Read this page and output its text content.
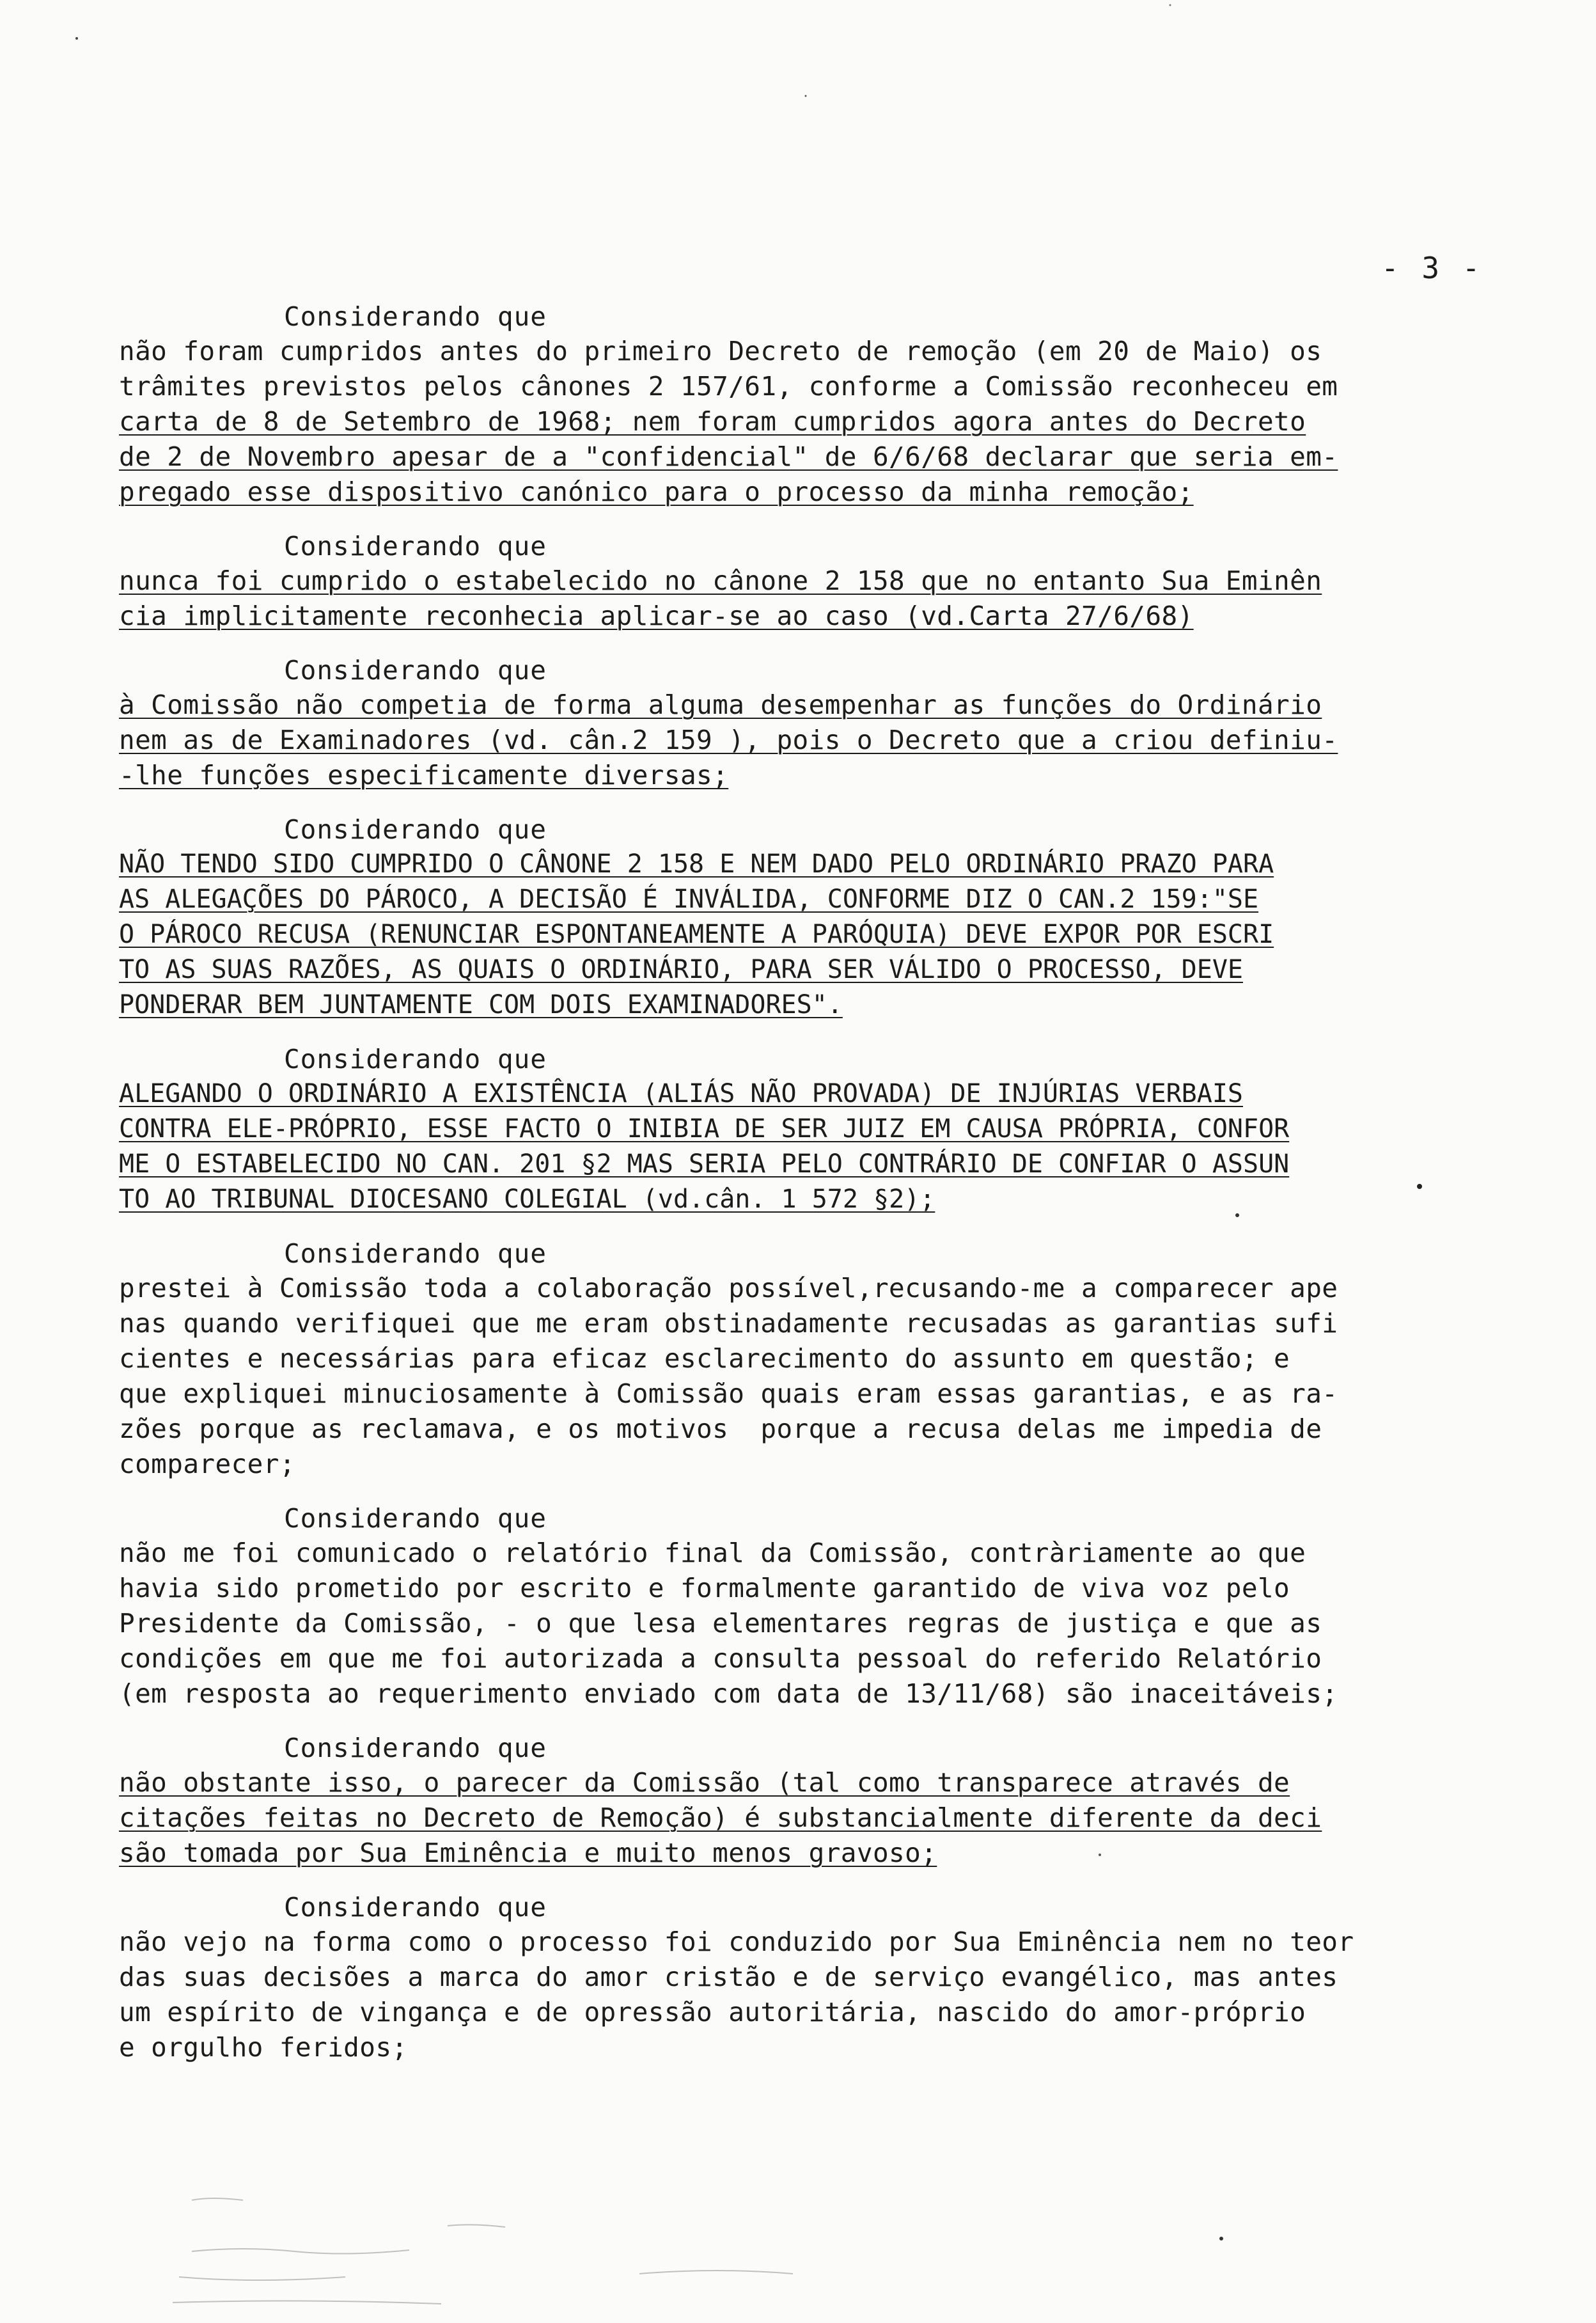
- 3 -
Considerando que
não foram cumpridos antes do primeiro Decreto de remoção (em 20 de Maio) os
trâmites previstos pelos cânones 2 157/61, conforme a Comissão reconheceu em
carta de 8 de Setembro de 1968; nem foram cumpridos agora antes do Decreto
de 2 de Novembro apesar de a "confidencial" de 6/6/68 declarar que seria em-
pregado esse dispositivo canónico para o processo da minha remoção;
Considerando que
nunca foi cumprido o estabelecido no cânone 2 158 que no entanto Sua Eminên
cia implicitamente reconhecia aplicar-se ao caso (vd.Carta 27/6/68)
Considerando que
à Comissão não competia de forma alguma desempenhar as funções do Ordinário
nem as de Examinadores (vd. cân.2 159 ), pois o Decreto que a criou definiu-
-lhe funções especificamente diversas;
Considerando que
NÃO TENDO SIDO CUMPRIDO O CÂNONE 2 158 E NEM DADO PELO ORDINÁRIO PRAZO PARA
AS ALEGAÇÕES DO PÁROCO, A DECISÃO É INVÁLIDA, CONFORME DIZ O CAN.2 159:"SE
O PÁROCO RECUSA (RENUNCIAR ESPONTANEAMENTE A PARÓQUIA) DEVE EXPOR POR ESCRI
TO AS SUAS RAZÕES, AS QUAIS O ORDINÁRIO, PARA SER VÁLIDO O PROCESSO, DEVE
PONDERAR BEM JUNTAMENTE COM DOIS EXAMINADORES".
Considerando que
ALEGANDO O ORDINÁRIO A EXISTÊNCIA (ALIÁS NÃO PROVADA) DE INJÚRIAS VERBAIS
CONTRA ELE-PRÓPRIO, ESSE FACTO O INIBIA DE SER JUIZ EM CAUSA PRÓPRIA, CONFOR
ME O ESTABELECIDO NO CAN. 201 §2 MAS SERIA PELO CONTRÁRIO DE CONFIAR O ASSUN
TO AO TRIBUNAL DIOCESANO COLEGIAL (vd.cân. 1 572 §2);
Considerando que
prestei à Comissão toda a colaboração possível,recusando-me a comparecer ape
nas quando verifiquei que me eram obstinadamente recusadas as garantias sufi
cientes e necessárias para eficaz esclarecimento do assunto em questão; e
que expliquei minuciosamente à Comissão quais eram essas garantias, e as ra-
zões porque as reclamava, e os motivos  porque a recusa delas me impedia de
comparecer;
Considerando que
não me foi comunicado o relatório final da Comissão, contràriamente ao que
havia sido prometido por escrito e formalmente garantido de viva voz pelo
Presidente da Comissão, - o que lesa elementares regras de justiça e que as
condições em que me foi autorizada a consulta pessoal do referido Relatório
(em resposta ao requerimento enviado com data de 13/11/68) são inaceitáveis;
Considerando que
não obstante isso, o parecer da Comissão (tal como transparece através de
citações feitas no Decreto de Remoção) é substancialmente diferente da deci
são tomada por Sua Eminência e muito menos gravoso;
Considerando que
não vejo na forma como o processo foi conduzido por Sua Eminência nem no teor
das suas decisões a marca do amor cristão e de serviço evangélico, mas antes
um espírito de vingança e de opressão autoritária, nascido do amor-próprio
e orgulho feridos;
